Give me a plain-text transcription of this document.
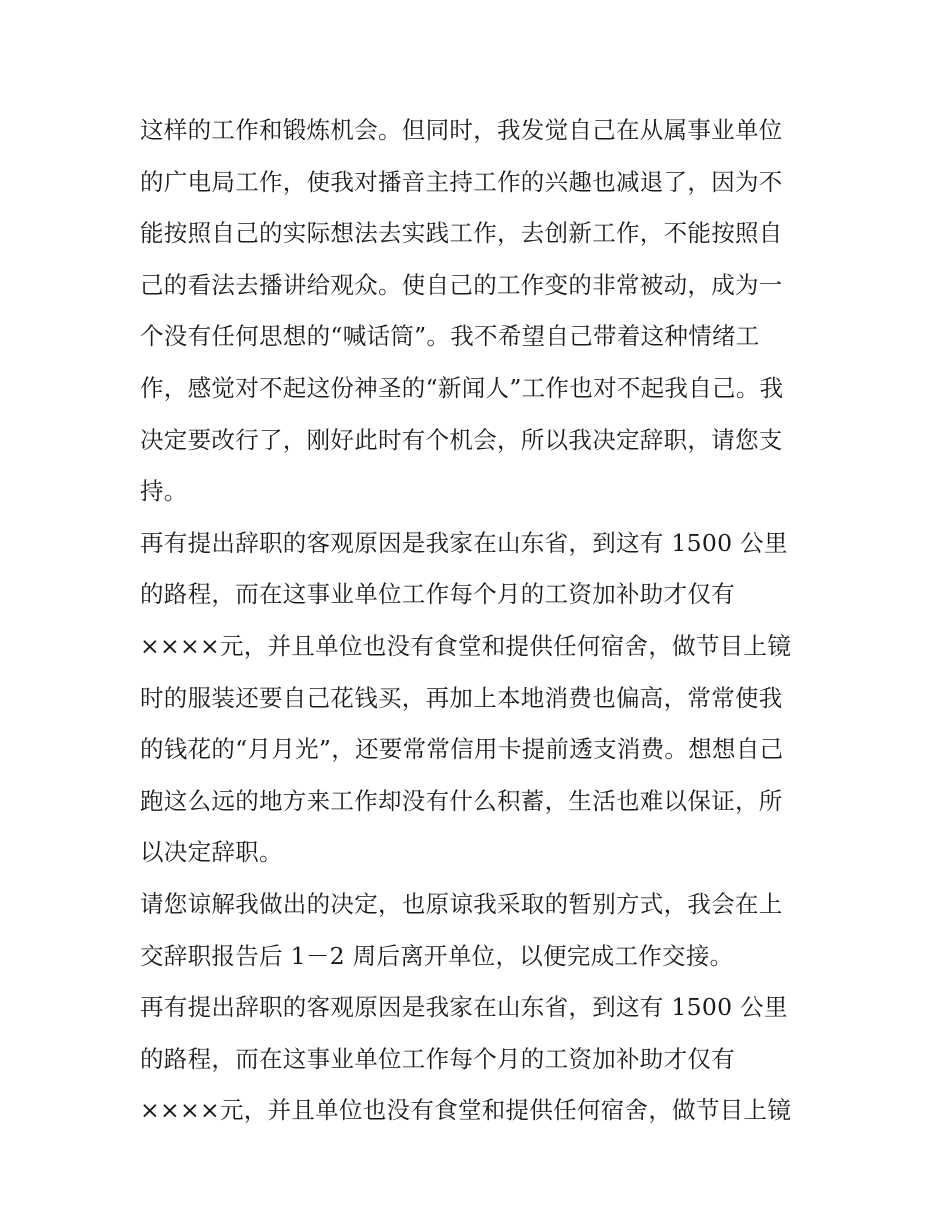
这样的工作和锻炼机会。但同时，我发觉自己在从属事业单位
的广电局工作，使我对播音主持工作的兴趣也减退了，因为不
能按照自己的实际想法去实践工作，去创新工作，不能按照自
己的看法去播讲给观众。使自己的工作变的非常被动，成为一
个没有任何思想的“喊话筒”。我不希望自己带着这种情绪工
作，感觉对不起这份神圣的“新闻人”工作也对不起我自己。我
决定要改行了，刚好此时有个机会，所以我决定辞职，请您支
持。
再有提出辞职的客观原因是我家在山东省，到这有 1500 公里
的路程，而在这事业单位工作每个月的工资加补助才仅有
××××元，并且单位也没有食堂和提供任何宿舍，做节目上镜
时的服装还要自己花钱买，再加上本地消费也偏高，常常使我
的钱花的“月月光”，还要常常信用卡提前透支消费。想想自己
跑这么远的地方来工作却没有什么积蓄，生活也难以保证，所
以决定辞职。
请您谅解我做出的决定，也原谅我采取的暂别方式，我会在上
交辞职报告后 1－2 周后离开单位，以便完成工作交接。
再有提出辞职的客观原因是我家在山东省，到这有 1500 公里
的路程，而在这事业单位工作每个月的工资加补助才仅有
××××元，并且单位也没有食堂和提供任何宿舍，做节目上镜
